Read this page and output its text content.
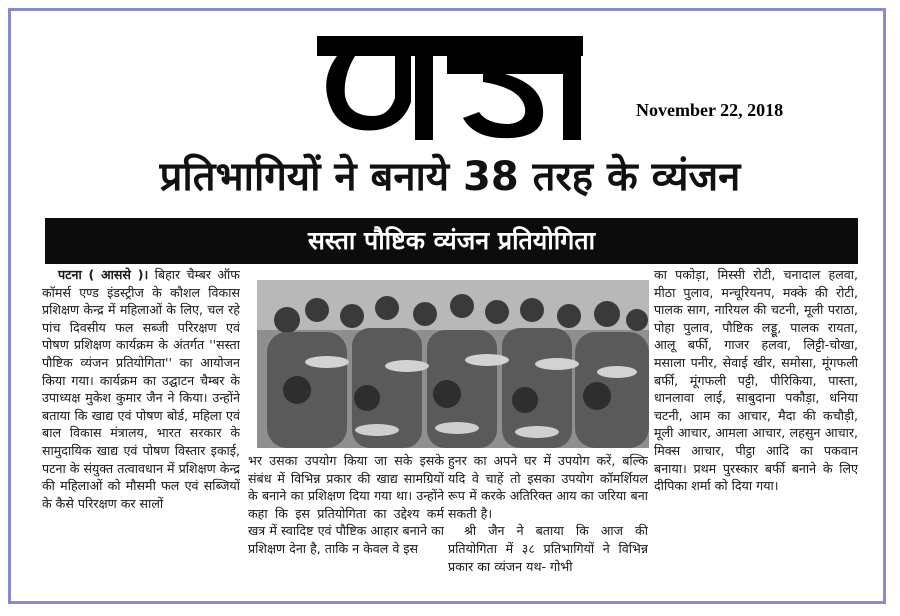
November 22, 2018
प्रतिभागियों ने बनाये 38 तरह के व्यंजन
सस्ता पौष्टिक व्यंजन प्रतियोगिता

पटना ( आससे )। बिहार चैम्बर ऑफ कॉमर्स एण्ड इंडस्ट्रीज के कौशल विकास प्रशिक्षण केन्द्र में महिलाओं के लिए, चल रहे पांच दिवसीय फल सब्जी परिरक्षण एवं पोषण प्रशिक्षण कार्यक्रम के अंतर्गत ''सस्ता पौष्टिक व्यंजन प्रतियोगिता'' का आयोजन किया गया। कार्यक्रम का उद्घाटन चैम्बर के उपाध्यक्ष मुकेश कुमार जैन ने किया। उन्होंने बताया कि खाद्य एवं पोषण बोर्ड, महिला एवं बाल विकास मंत्रालय, भारत सरकार के सामुदायिक खाद्य एवं पोषण विस्तार इकाई, पटना के संयुक्त तत्वावधान में प्रशिक्षण केन्द्र की महिलाओं को मौसमी फल एवं सब्जियों के कैसे परिरक्षण कर सालों

भर उसका उपयोग किया जा सके इसके संबंध में विभिन्न प्रकार की खाद्य सामग्रियों के बनाने का प्रशिक्षण दिया गया था। उन्होंने कहा कि इस प्रतियोगिता का उद्देश्य कर्म खत्र में स्वादिष्ट एवं पौष्टिक आहार बनाने का प्रशिक्षण देना है, ताकि न केवल वे इस

हुनर का अपने घर में उपयोग करें, बल्कि यदि वे चाहें तो इसका उपयोग कॉमर्शियल रूप में करके अतिरिक्त आय का जरिया बना सकती है।

श्री जैन ने बताया कि आज की प्रतियोगिता में ३८ प्रतिभागियों ने विभिन्न प्रकार का व्यंजन यथ- गोभी

का पकोड़ा, मिस्सी रोटी, चनादाल हलवा, मीठा पुलाव, मन्चूरियनप, मक्के की रोटी, पालक साग, नारियल की चटनी, मूली पराठा, पोहा पुलाव, पौष्टिक लड्डू, पालक रायता, आलू बर्फी, गाजर हलवा, लिट्टी-चोखा, मसाला पनीर, सेवाई खीर, समोसा, मूंगफली बर्फी, मूंगफली पट्टी, पीरिकिया, पास्ता, धानलावा लाई, साबुदाना पकौड़ा, धनिया चटनी, आम का आचार, मैदा की कचौड़ी, मूली आचार, आमला आचार, लहसुन आचार, मिक्स आचार, पीट्ठा आदि का पकवान बनाया। प्रथम पुरस्कार बर्फी बनाने के लिए दीपिका शर्मा को दिया गया।
